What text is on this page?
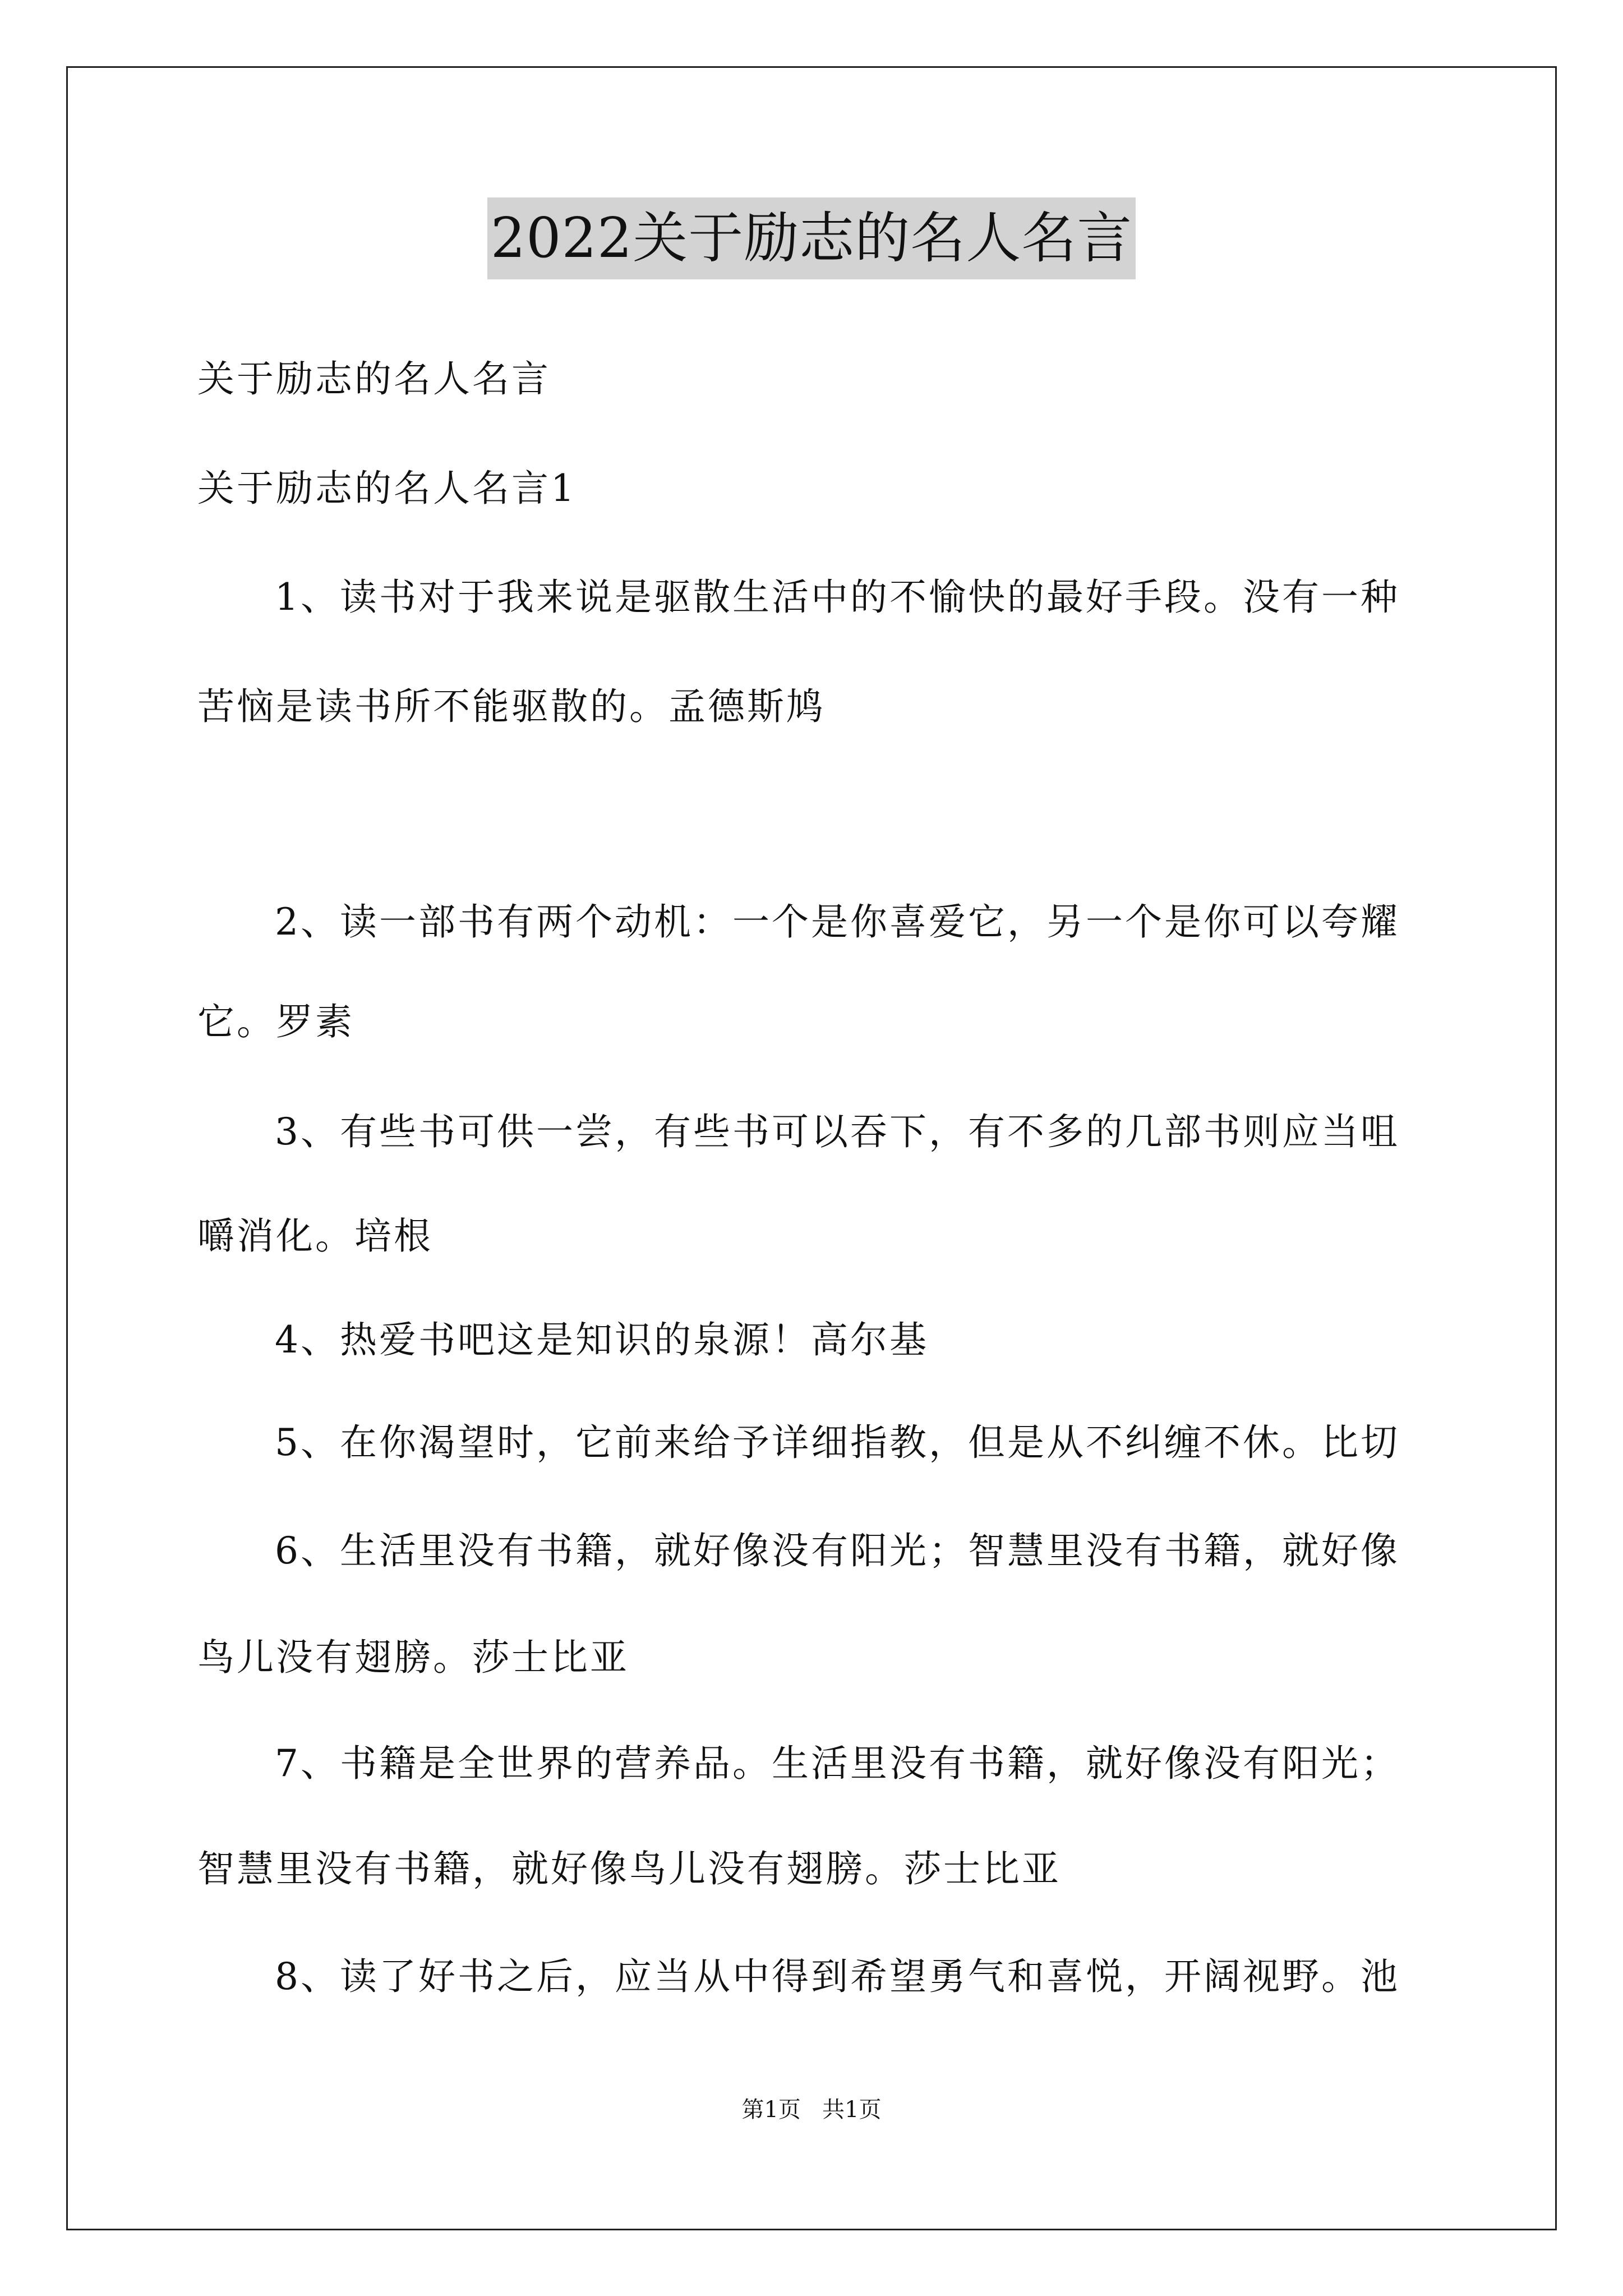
2022关于励志的名人名言
关于励志的名人名言
关于励志的名人名言1
1、读书对于我来说是驱散生活中的不愉快的最好手段。没有一种
苦恼是读书所不能驱散的。孟德斯鸠
2、读一部书有两个动机：一个是你喜爱它，另一个是你可以夸耀
它。罗素
3、有些书可供一尝，有些书可以吞下，有不多的几部书则应当咀
嚼消化。培根
4、热爱书吧这是知识的泉源！高尔基
5、在你渴望时，它前来给予详细指教，但是从不纠缠不休。比切
6、生活里没有书籍，就好像没有阳光；智慧里没有书籍，就好像
鸟儿没有翅膀。莎士比亚
7、书籍是全世界的营养品。生活里没有书籍，就好像没有阳光；
智慧里没有书籍，就好像鸟儿没有翅膀。莎士比亚
8、读了好书之后，应当从中得到希望勇气和喜悦，开阔视野。池
第1页   共1页
